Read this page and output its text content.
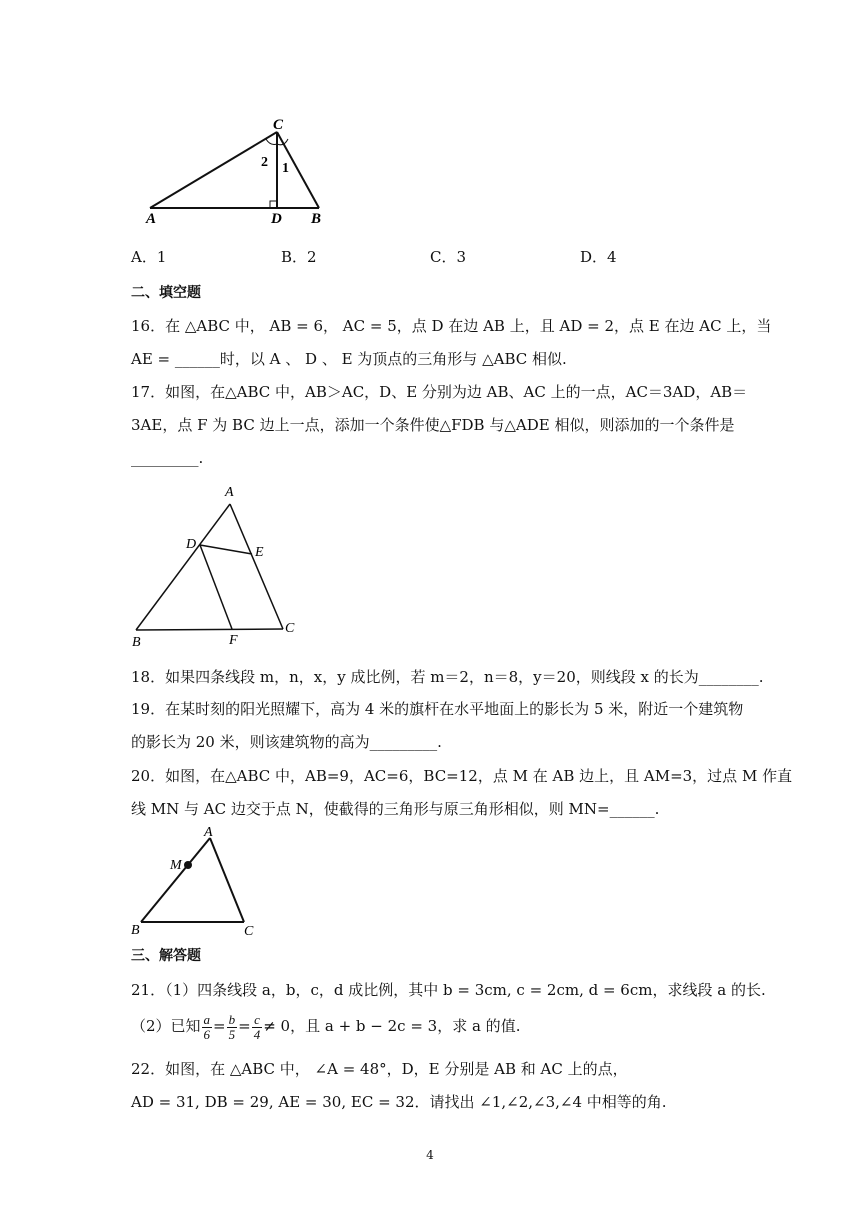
C
2 1
A	D B
A．1	B．2	C．3	D．4
二、填空题
16．在 △ABC 中， AB = 6， AC = 5，点 D 在边 AB 上，且 AD = 2，点 E 在边 AC 上，当
AE = ______时，以 A 、 D 、 E 为顶点的三角形与 △ABC 相似.
17．如图，在△ABC 中，AB＞AC，D、E 分别为边 AB、AC 上的一点，AC＝3AD，AB＝
3AE，点 F 为 BC 边上一点，添加一个条件使△FDB 与△ADE 相似，则添加的一个条件是
_________.
A
D
E
B	F
C
18．如果四条线段 m，n，x，y 成比例，若 m＝2，n＝8，y＝20，则线段 x 的长为________.
19．在某时刻的阳光照耀下，高为 4 米的旗杆在水平地面上的影长为 5 米，附近一个建筑物
的影长为 20 米，则该建筑物的高为_________.
20．如图，在△ABC 中，AB=9，AC=6，BC=12，点 M 在 AB 边上，且 AM=3，过点 M 作直
线 MN 与 AC 边交于点 N，使截得的三角形与原三角形相似，则 MN=______.
A
M
B	C
三、解答题
21．（1）四条线段 a，b，c，d 成比例，其中 b = 3cm, c = 2cm, d = 6cm，求线段 a 的长.
（2）已知 $\frac{a}{6} = \frac{b}{5} = \frac{c}{4} \ne 0$，且 a + b − 2c = 3，求 a 的值.
22．如图，在 △ABC 中， ∠A = 48°，D，E 分别是 AB 和 AC 上的点，
AD = 31, DB = 29, AE = 30, EC = 32．请找出 ∠1,∠2,∠3,∠4 中相等的角.
4
